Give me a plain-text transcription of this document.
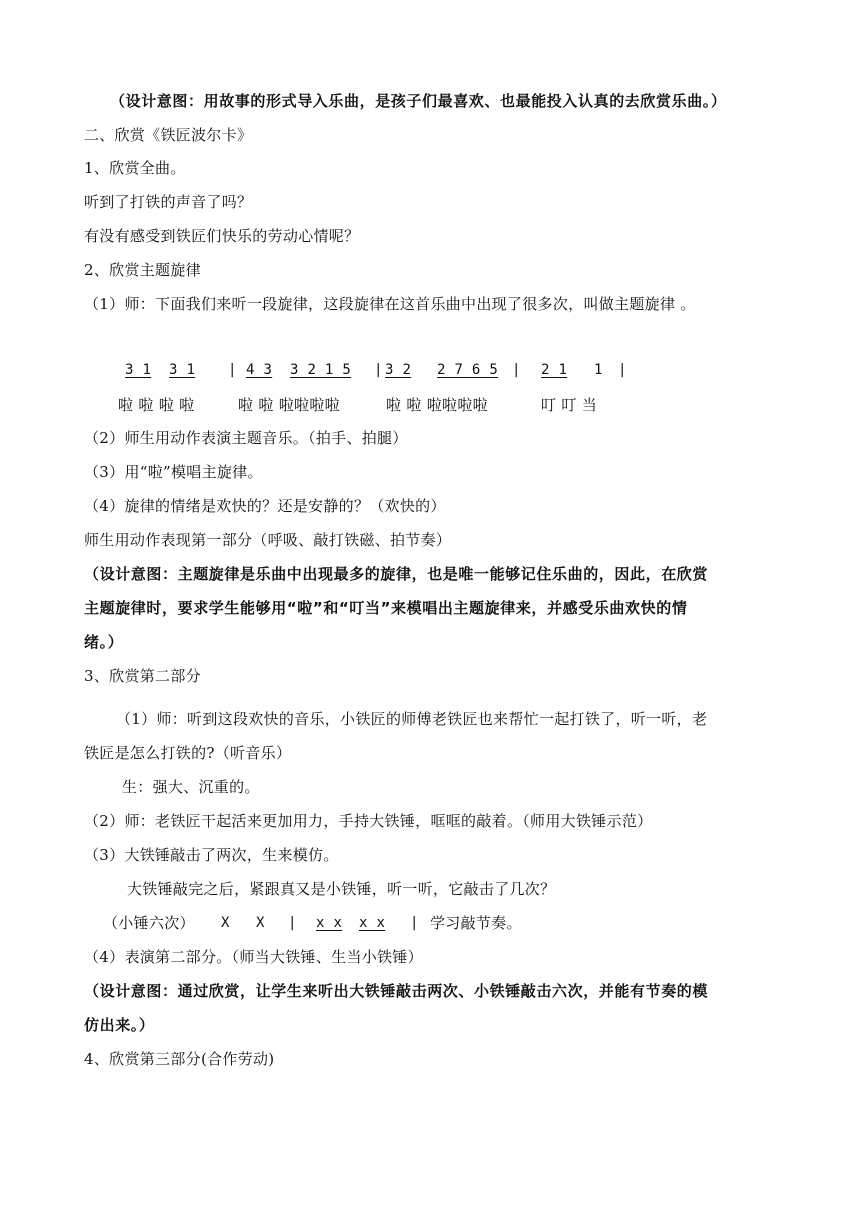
（设计意图：用故事的形式导入乐曲，是孩子们最喜欢、也最能投入认真的去欣赏乐曲。）
二、欣赏《铁匠波尔卡》
1、欣赏全曲。
听到了打铁的声音了吗？
有没有感受到铁匠们快乐的劳动心情呢？
2、欣赏主题旋律
（1）师：下面我们来听一段旋律，这段旋律在这首乐曲中出现了很多次，叫做主题旋律 。
3 1 3 1 | 4 3 3 2 1 5 | 3 2 2 7 6 5 | 2 1 1 |
啦 啦 啦 啦	啦 啦 啦啦啦啦	啦 啦 啦啦啦啦	叮 叮 当
（2）师生用动作表演主题音乐。（拍手、拍腿）
（3）用“啦”模唱主旋律。
（4）旋律的情绪是欢快的？还是安静的？（欢快的）
师生用动作表现第一部分（呼吸、敲打铁磁、拍节奏）
（设计意图：主题旋律是乐曲中出现最多的旋律，也是唯一能够记住乐曲的，因此，在欣赏
主题旋律时，要求学生能够用“啦”和“叮当”来模唱出主题旋律来，并感受乐曲欢快的情
绪。）
3、欣赏第二部分
（1）师：听到这段欢快的音乐，小铁匠的师傅老铁匠也来帮忙一起打铁了，听一听，老
铁匠是怎么打铁的?（听音乐）
生：强大、沉重的。
（2）师：老铁匠干起活来更加用力，手持大铁锤，哐哐的敲着。（师用大铁锤示范）
（3）大铁锤敲击了两次，生来模仿。
大铁锤敲完之后，紧跟真又是小铁锤，听一听，它敲击了几次？
（小锤六次） X X | x x x x | 学习敲节奏。
（4）表演第二部分。（师当大铁锤、生当小铁锤）
（设计意图：通过欣赏，让学生来听出大铁锤敲击两次、小铁锤敲击六次，并能有节奏的模
仿出来。）
4、欣赏第三部分(合作劳动)
